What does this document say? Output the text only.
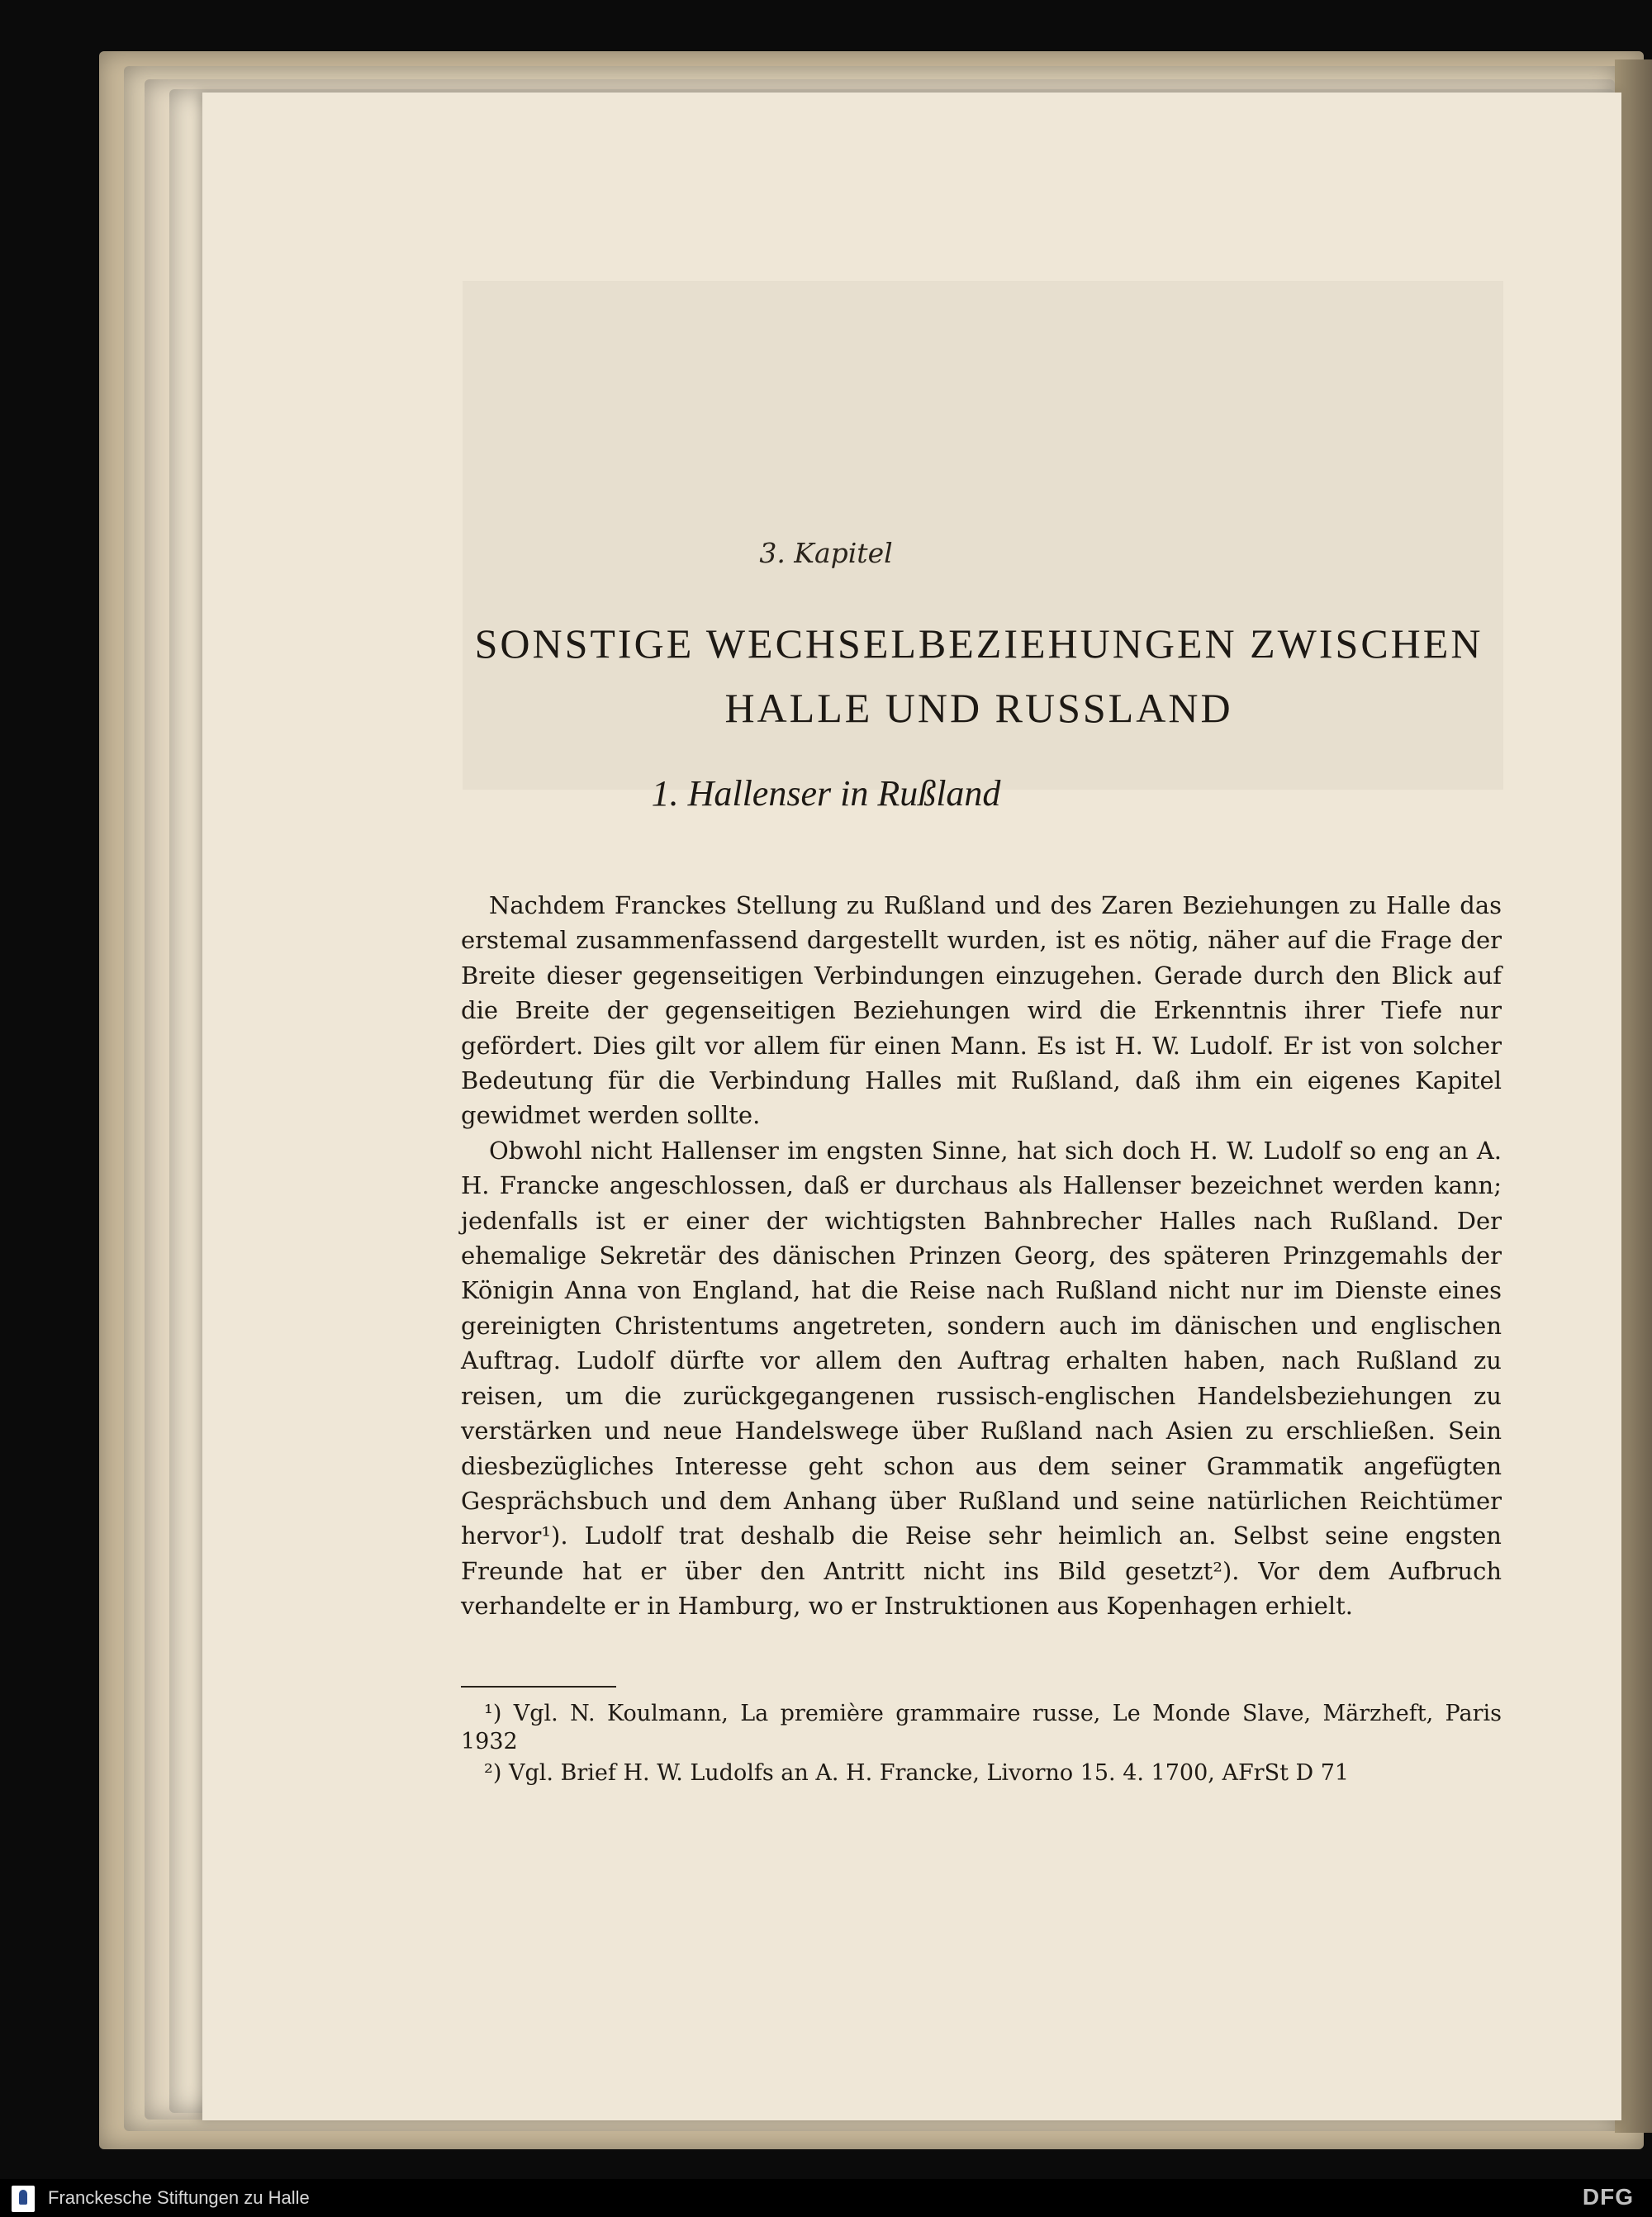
3. Kapitel
SONSTIGE WECHSELBEZIEHUNGEN ZWISCHEN
HALLE UND RUSSLAND
1. Hallenser in Rußland

Nachdem Franckes Stellung zu Rußland und des Zaren Beziehungen zu Halle das erstemal zusammenfassend dargestellt wurden, ist es nötig, näher auf die Frage der Breite dieser gegenseitigen Verbindungen einzugehen. Gerade durch den Blick auf die Breite der gegenseitigen Beziehungen wird die Erkenntnis ihrer Tiefe nur gefördert. Dies gilt vor allem für einen Mann. Es ist H. W. Ludolf. Er ist von solcher Bedeutung für die Verbindung Halles mit Rußland, daß ihm ein eigenes Kapitel gewidmet werden sollte.

Obwohl nicht Hallenser im engsten Sinne, hat sich doch H. W. Ludolf so eng an A. H. Francke angeschlossen, daß er durchaus als Hallenser bezeichnet werden kann; jedenfalls ist er einer der wichtigsten Bahnbrecher Halles nach Rußland. Der ehemalige Sekretär des dänischen Prinzen Georg, des späteren Prinzgemahls der Königin Anna von England, hat die Reise nach Rußland nicht nur im Dienste eines gereinigten Christentums angetreten, sondern auch im dänischen und englischen Auftrag. Ludolf dürfte vor allem den Auftrag erhalten haben, nach Rußland zu reisen, um die zurückgegangenen russisch-englischen Handelsbeziehungen zu verstärken und neue Handelswege über Rußland nach Asien zu erschließen. Sein diesbezügliches Interesse geht schon aus dem seiner Grammatik angefügten Gesprächsbuch und dem Anhang über Rußland und seine natürlichen Reichtümer hervor¹). Ludolf trat deshalb die Reise sehr heimlich an. Selbst seine engsten Freunde hat er über den Antritt nicht ins Bild gesetzt²). Vor dem Aufbruch verhandelte er in Hamburg, wo er Instruktionen aus Kopenhagen erhielt.

¹) Vgl. N. Koulmann, La première grammaire russe, Le Monde Slave, Märzheft, Paris 1932

²) Vgl. Brief H. W. Ludolfs an A. H. Francke, Livorno 15. 4. 1700, AFrSt D 71

Franckesche Stiftungen zu Halle	DFG
